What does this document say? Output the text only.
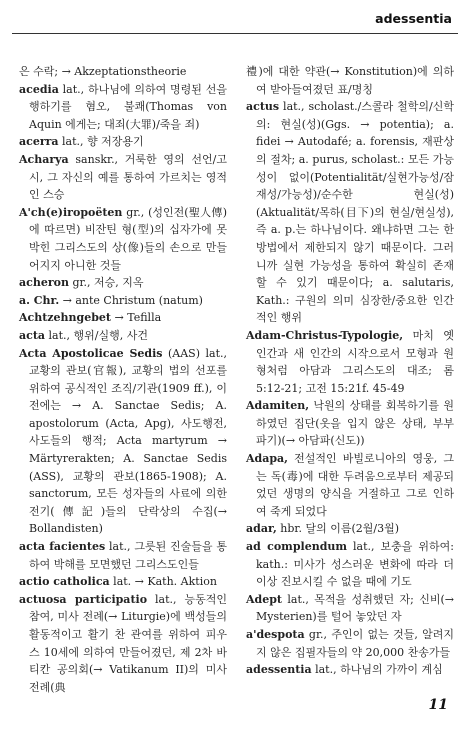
adessentia

은 수락; → Akzeptationstheorie

acedia lat., 하나님에 의하여 명령된 선을 행하기를 혐오, 불쾌(Thomas von Aquin 에게는; 대죄(大罪)/죽을 죄)

acerra lat., 향 저장용기

Acharya sanskr., 거룩한 영의 선언/고시, 그 자신의 예를 통하여 가르치는 영적인 스승

A'ch(e)iropoëten gr., (성인전(聖人傳)에 따르면) 비잔틴 형(型)의 십자가에 못박힌 그리스도의 상(像)들의 손으로 만들어지지 아니한 것들

acheron gr., 저승, 지옥

a. Chr. → ante Christum (natum)

Achtzehngebet → Tefilla

acta lat., 행위/실행, 사건

Acta Apostolicae Sedis (AAS) lat., 교황의 관보(官報), 교황의 법의 선포를 위하여 공식적인 조직/기관(1909 ff.), 이전에는 → A. Sanctae Sedis; A. apostolorum (Acta, Apg), 사도행전, 사도들의 행적; Acta martyrum → Märtyrerakten; A. Sanctae Sedis (ASS), 교황의 관보(1865-1908); A. sanctorum, 모든 성자들의 사료에 의한 전기(傳記)들의 단락상의 수집(→ Bollandisten)

acta facientes lat., 그릇된 진술들을 통하여 박해를 모면했던 그리스도인들

actio catholica lat. → Kath. Aktion

actuosa participatio lat., 능동적인 참여, 미사 전례(→ Liturgie)에 백성들의 활동적이고 활기 찬 관여를 위하여 피우스 10세에 의하여 만들어졌던, 제 2차 바티칸 공의회(→ Vatikanum II)의 미사 전례(典

禮)에 대한 약관(→ Konstitution)에 의하여 받아들여졌던 표/명칭

actus lat., scholast./스콜라 철학의/신학의: 현실(성)(Ggs. → potentia); a. fidei → Autodafé; a. forensis, 재판상의 절차; a. purus, scholast.: 모든 가능성이 없이(Potentialität/실현가능성/잠재성/가능성)/순수한 현실(성)(Aktualität/목하(目下)의 현실/현실성), 즉 a. p.는 하나님이다. 왜냐하면 그는 한 방법에서 제한되지 않기 때문이다. 그러니까 실현 가능성을 통하여 확실히 존재할 수 있기 때문이다; a. salutaris, Kath.: 구원의 의미 심장한/중요한 인간적인 행위

Adam-Christus-Typologie, 마치 옛 인간과 새 인간의 시작으로서 모형과 원형처럼 아담과 그리스도의 대조; 롬 5:12-21; 고전 15:21f. 45-49

Adamiten, 낙원의 상태를 회복하기를 원하였던 집단(옷을 입지 않은 상태, 부부 파기)(→ 아담파(신도))

Adapa, 전설적인 바빌로니아의 영웅, 그는 독(毒)에 대한 두려움으로부터 제공되었던 생명의 양식을 거절하고 그로 인하여 죽게 되었다

adar, hbr. 달의 이름(2월/3월)

ad complendum lat., 보충을 위하여: kath.: 미사가 성스러운 변화에 따라 더 이상 진보시킬 수 없을 때에 기도

Adept lat., 목적을 성취했던 자; 신비(→ Mysterien)를 털어 놓았던 자

a'despota gr., 주인이 없는 것들, 알려지지 않은 집필자들의 약 20,000 찬송가들

adessentia lat., 하나님의 가까이 계심

11
